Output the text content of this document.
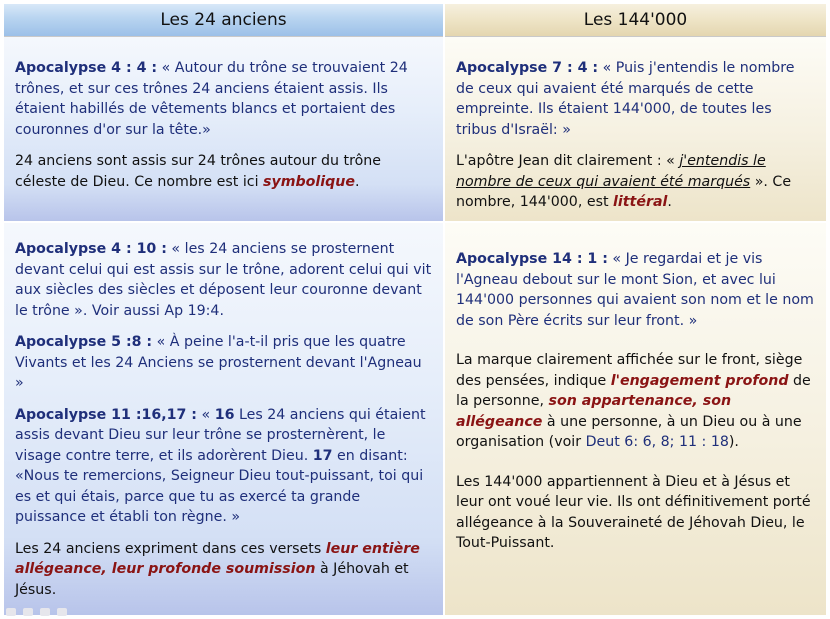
Les 24 anciens	Les 144'000

Apocalypse 4 : 4 : « Autour du trône se trouvaient 24 trônes, et sur ces trônes 24 anciens étaient assis. Ils étaient habillés de vêtements blancs et portaient des couronnes d'or sur la tête.»

24 anciens sont assis sur 24 trônes autour du trône céleste de Dieu. Ce nombre est ici symbolique.

Apocalypse 7 : 4 : « Puis j'entendis le nombre de ceux qui avaient été marqués de cette empreinte. Ils étaient 144'000, de toutes les tribus d'Israël: »

L'apôtre Jean dit clairement : « j'entendis le nombre de ceux qui avaient été marqués ». Ce nombre, 144'000, est littéral.

Apocalypse 4 : 10 : « les 24 anciens se prosternent devant celui qui est assis sur le trône, adorent celui qui vit aux siècles des siècles et déposent leur couronne devant le trône ». Voir aussi Ap 19:4.

Apocalypse 5 :8 : « À peine l'a-t-il pris que les quatre Vivants et les 24 Anciens se prosternent devant l'Agneau »

Apocalypse 11 :16,17 : « 16 Les 24 anciens qui étaient assis devant Dieu sur leur trône se prosternèrent, le visage contre terre, et ils adorèrent Dieu. 17 en disant: «Nous te remercions, Seigneur Dieu tout-puissant, toi qui es et qui étais, parce que tu as exercé ta grande puissance et établi ton règne. »

Les 24 anciens expriment dans ces versets leur entière allégeance, leur profonde soumission à Jéhovah et Jésus.

Apocalypse 14 : 1 : « Je regardai et je vis l'Agneau debout sur le mont Sion, et avec lui 144'000 personnes qui avaient son nom et le nom de son Père écrits sur leur front. »

La marque clairement affichée sur le front, siège des pensées, indique l'engagement profond de la personne, son appartenance, son allégeance à une personne, à un Dieu ou à une organisation (voir Deut 6: 6, 8; 11 : 18).

Les 144'000 appartiennent à Dieu et à Jésus et leur ont voué leur vie. Ils ont définitivement porté allégeance à la Souveraineté de Jéhovah Dieu, le Tout-Puissant.
